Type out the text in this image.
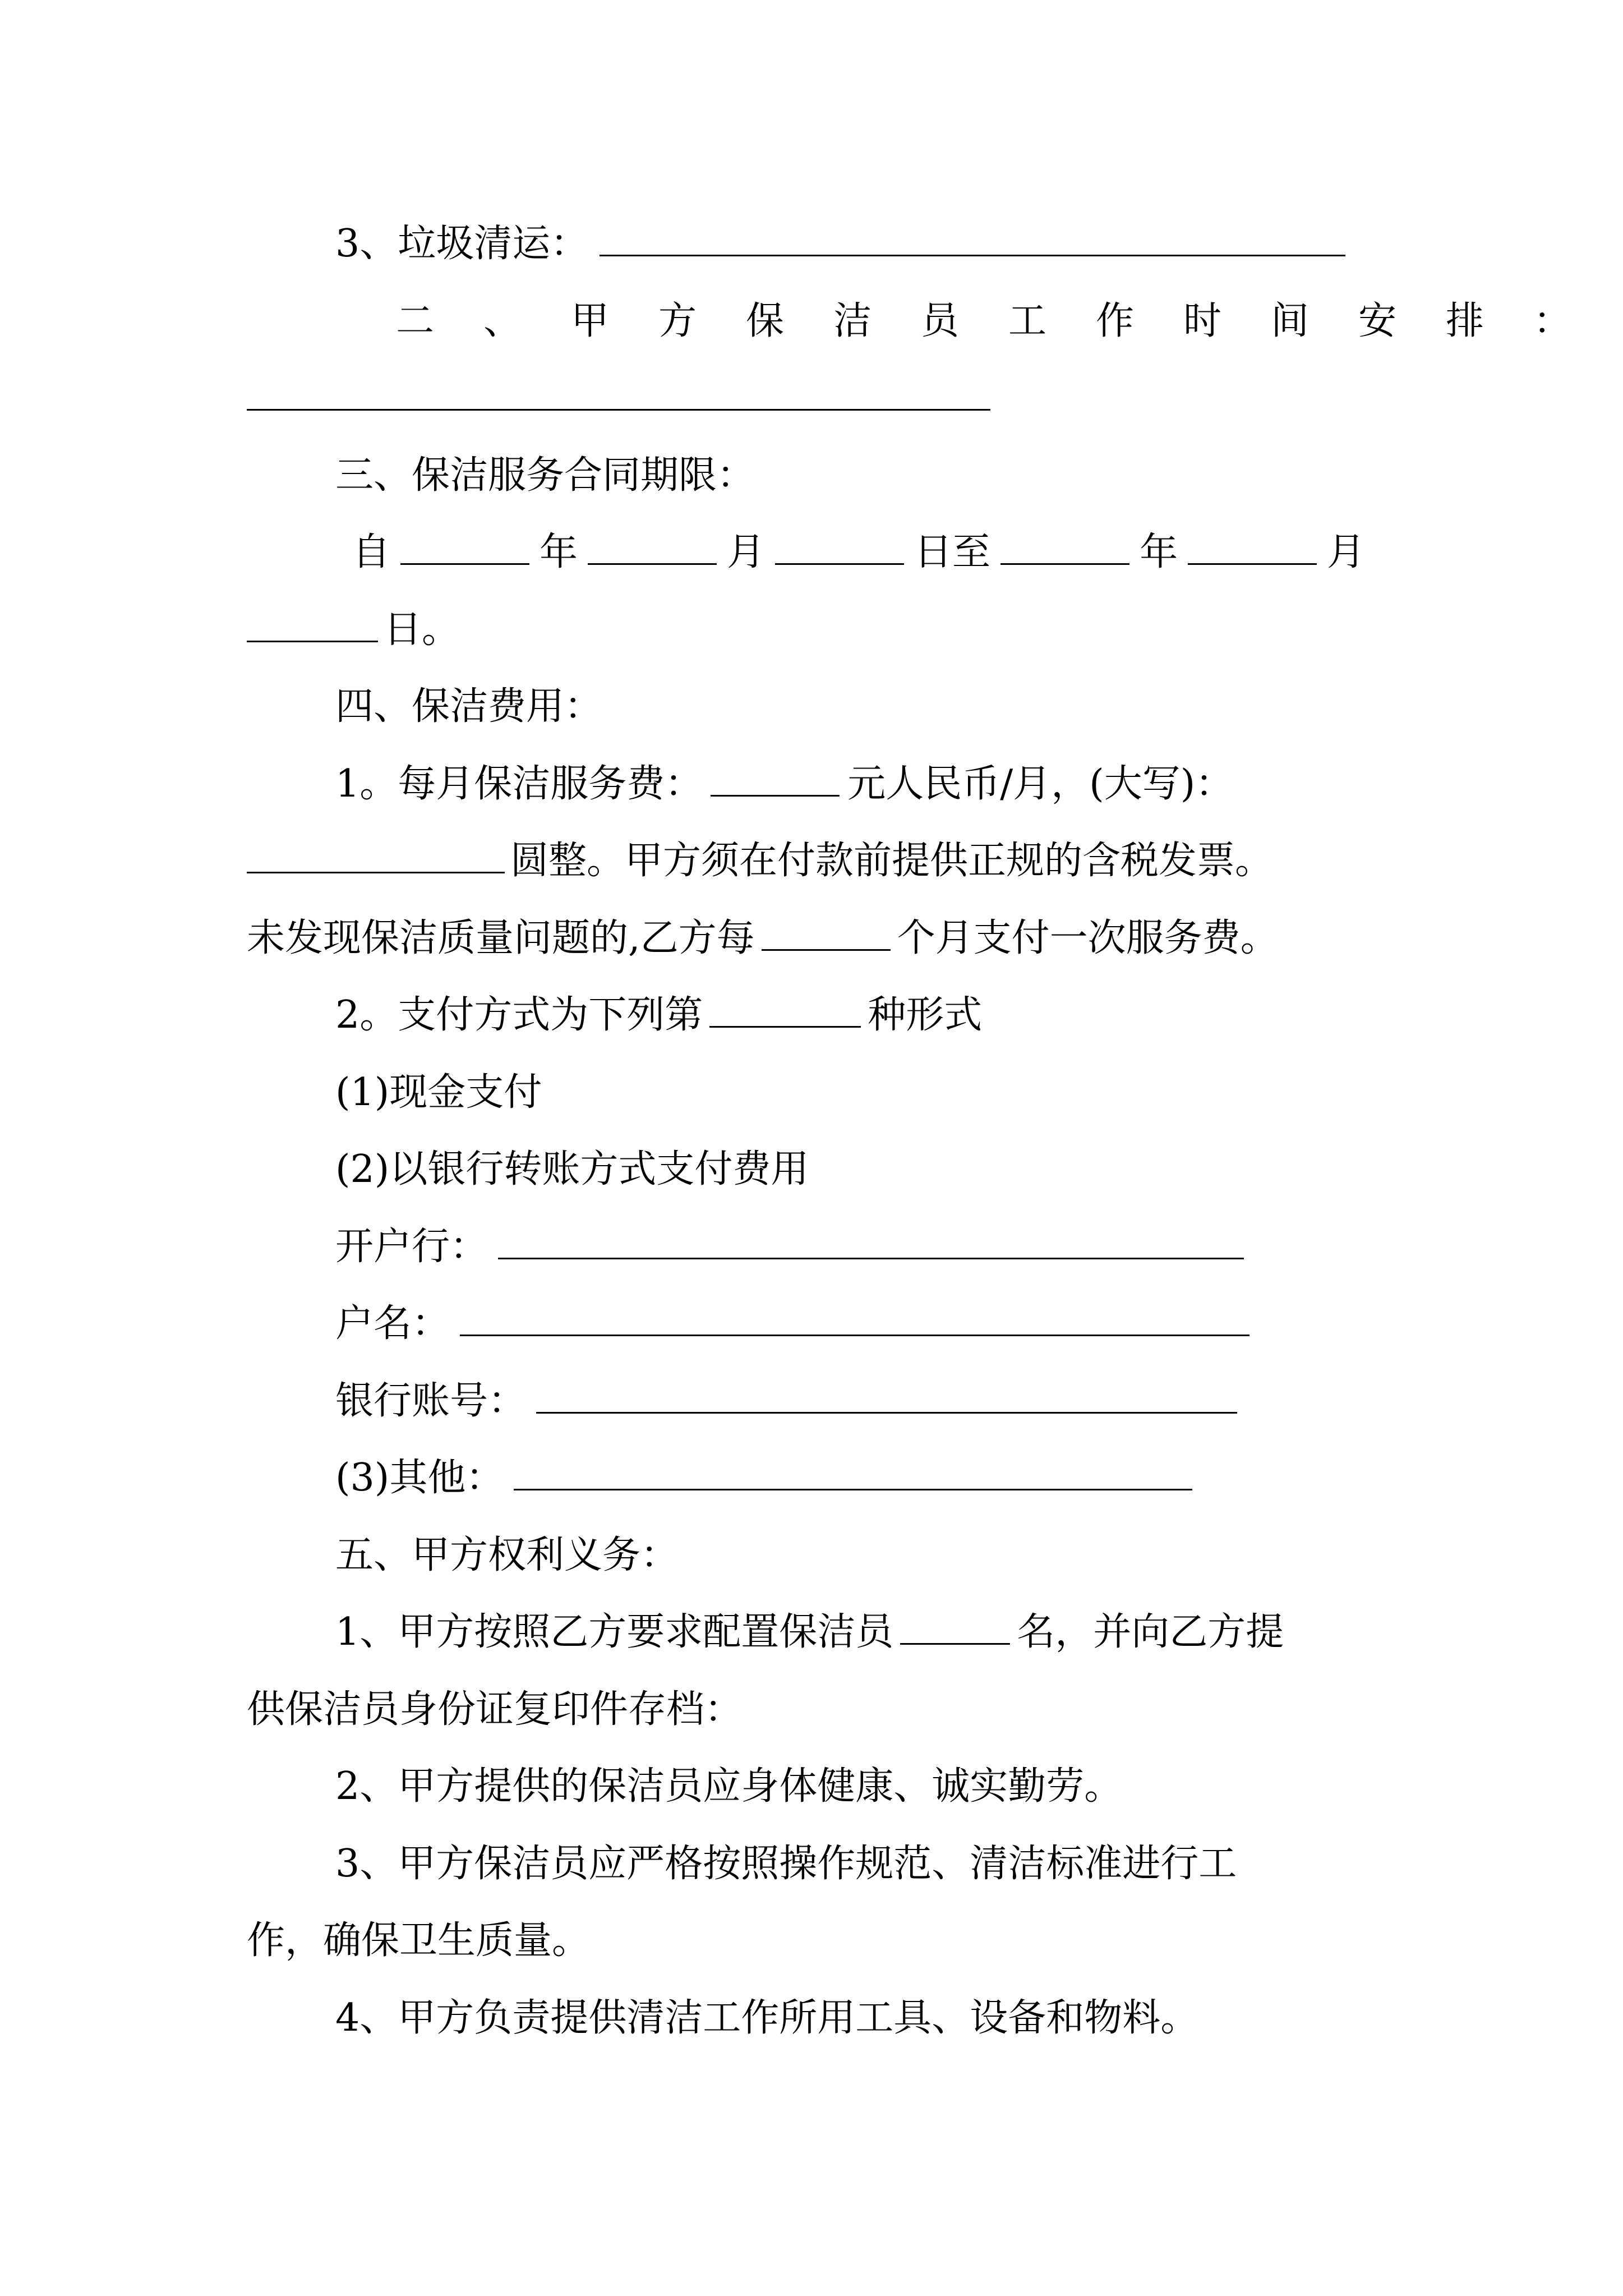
3、垃圾清运：
二、甲方保洁员工作时间安排：
三、保洁服务合同期限：
自	年	月	日至	年	月
日。
四、保洁费用：
1。每月保洁服务费：	元人民币/月，(大写)：
圆整。甲方须在付款前提供正规的含税发票。
未发现保洁质量问题的,乙方每	个月支付一次服务费。
2。支付方式为下列第	种形式
(1)现金支付
(2)以银行转账方式支付费用
开户行：
户名：
银行账号：
(3)其他：
五、甲方权利义务：
1、甲方按照乙方要求配置保洁员	名，并向乙方提
供保洁员身份证复印件存档：
2、甲方提供的保洁员应身体健康、诚实勤劳。
3、甲方保洁员应严格按照操作规范、清洁标准进行工
作，确保卫生质量。
4、甲方负责提供清洁工作所用工具、设备和物料。
